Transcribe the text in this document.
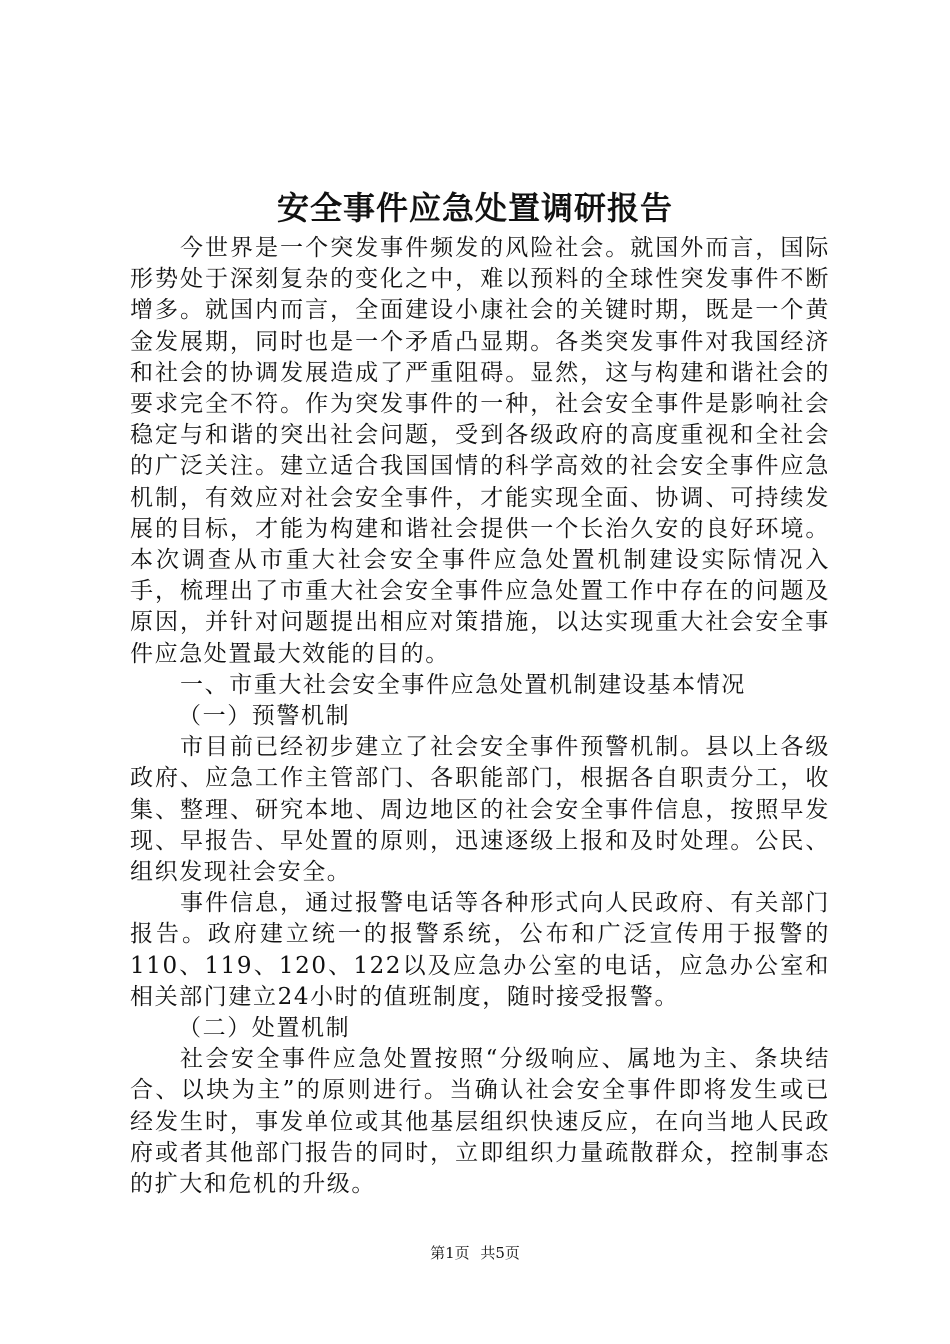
安全事件应急处置调研报告

今世界是一个突发事件频发的风险社会。就国外而言，国际形势处于深刻复杂的变化之中，难以预料的全球性突发事件不断增多。就国内而言，全面建设小康社会的关键时期，既是一个黄金发展期，同时也是一个矛盾凸显期。各类突发事件对我国经济和社会的协调发展造成了严重阻碍。显然，这与构建和谐社会的要求完全不符。作为突发事件的一种，社会安全事件是影响社会稳定与和谐的突出社会问题，受到各级政府的高度重视和全社会的广泛关注。建立适合我国国情的科学高效的社会安全事件应急机制，有效应对社会安全事件，才能实现全面、协调、可持续发展的目标，才能为构建和谐社会提供一个长治久安的良好环境。本次调查从市重大社会安全事件应急处置机制建设实际情况入手，梳理出了市重大社会安全事件应急处置工作中存在的问题及原因，并针对问题提出相应对策措施，以达实现重大社会安全事件应急处置最大效能的目的。

一、市重大社会安全事件应急处置机制建设基本情况

（一）预警机制

市目前已经初步建立了社会安全事件预警机制。县以上各级政府、应急工作主管部门、各职能部门，根据各自职责分工，收集、整理、研究本地、周边地区的社会安全事件信息，按照早发现、早报告、早处置的原则，迅速逐级上报和及时处理。公民、组织发现社会安全。

事件信息，通过报警电话等各种形式向人民政府、有关部门报告。政府建立统一的报警系统，公布和广泛宣传用于报警的110、119、120、122以及应急办公室的电话，应急办公室和相关部门建立24小时的值班制度，随时接受报警。

（二）处置机制

社会安全事件应急处置按照“分级响应、属地为主、条块结合、以块为主”的原则进行。当确认社会安全事件即将发生或已经发生时，事发单位或其他基层组织快速反应，在向当地人民政府或者其他部门报告的同时，立即组织力量疏散群众，控制事态的扩大和危机的升级。

第1页 共5页
